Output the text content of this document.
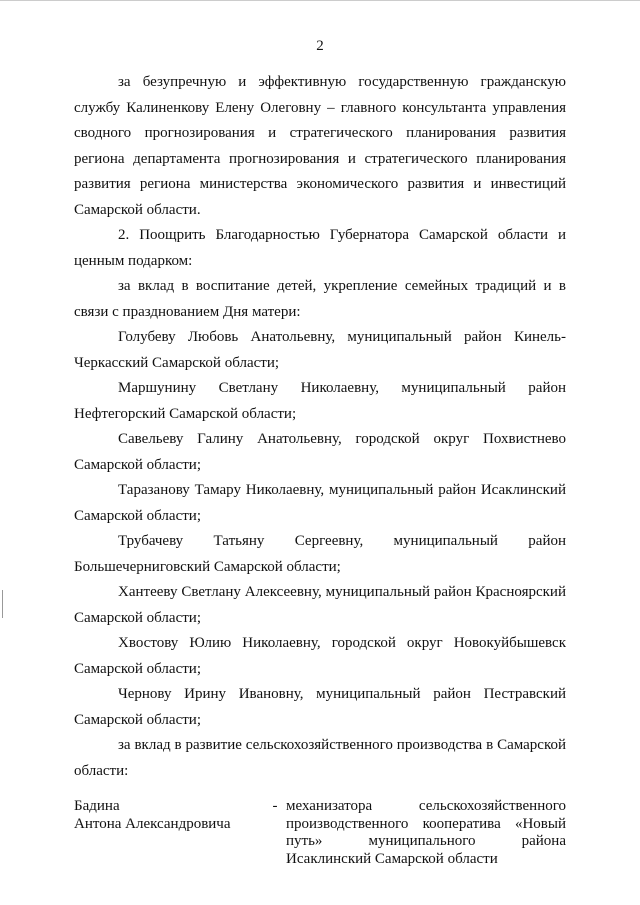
2

за безупречную и эффективную государственную гражданскую службу Калиненкову Елену Олеговну – главного консультанта управления сводного прогнозирования и стратегического планирования развития региона департамента прогнозирования и стратегического планирования развития региона министерства экономического развития и инвестиций Самарской области.

2. Поощрить Благодарностью Губернатора Самарской области и ценным подарком:

за вклад в воспитание детей, укрепление семейных традиций и в связи с празднованием Дня матери:

Голубеву Любовь Анатольевну, муниципальный район Кинель-Черкасский Самарской области;

Маршунину Светлану Николаевну, муниципальный район Нефтегорский Самарской области;

Савельеву Галину Анатольевну, городской округ Похвистнево Самарской области;

Таразанову Тамару Николаевну, муниципальный район Исаклинский Самарской области;

Трубачеву Татьяну Сергеевну, муниципальный район Большечерниговский Самарской области;

Хантееву Светлану Алексеевну, муниципальный район Красноярский Самарской области;

Хвостову Юлию Николаевну, городской округ Новокуйбышевск Самарской области;

Чернову Ирину Ивановну, муниципальный район Пестравский Самарской области;

за вклад в развитие сельскохозяйственного производства в Самарской области:

Бадина
Антона Александровича
- механизатора сельскохозяйственного производственного кооператива «Новый путь» муниципального района Исаклинский Самарской области
